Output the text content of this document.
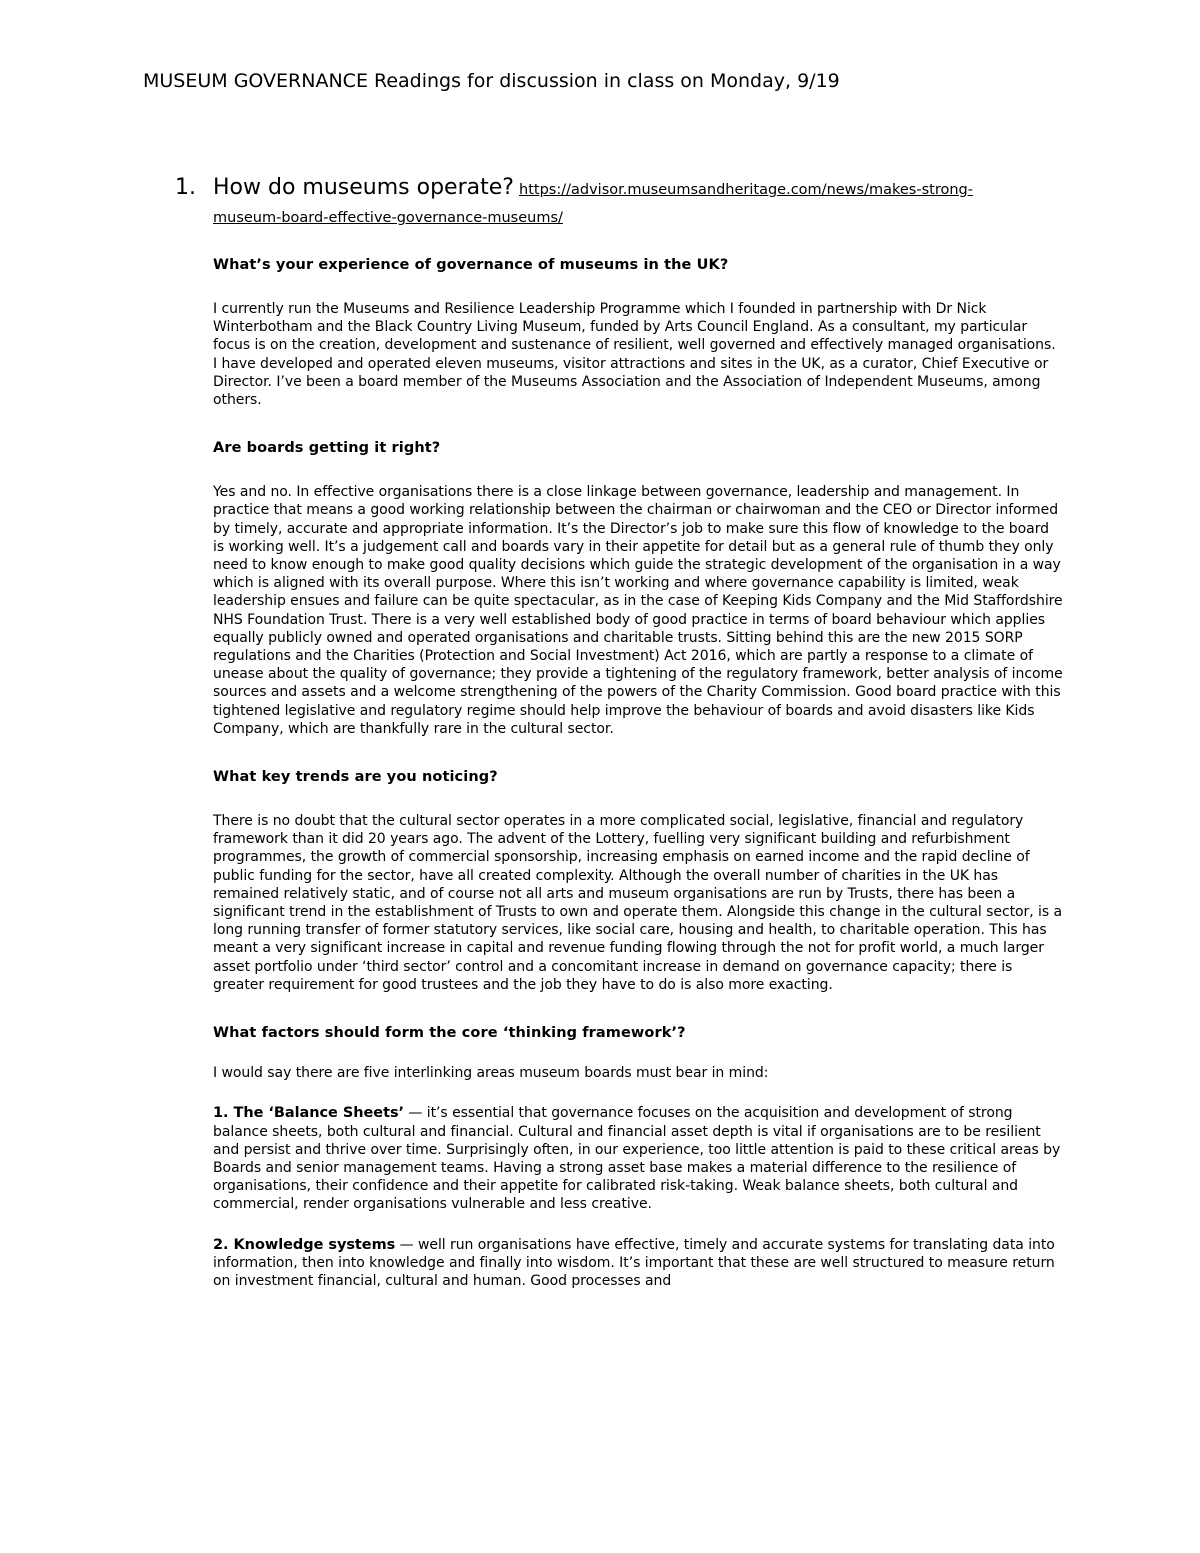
MUSEUM GOVERNANCE Readings for discussion in class on Monday, 9/19
1. How do museums operate? https://advisor.museumsandheritage.com/news/makes-strong-
museum-board-effective-governance-museums/

What’s your experience of governance of museums in the UK?

I currently run the Museums and Resilience Leadership Programme which I founded in partnership with Dr Nick Winterbotham and the Black Country Living Museum, funded by Arts Council England. As a consultant, my particular focus is on the creation, development and sustenance of resilient, well governed and effectively managed organisations. I have developed and operated eleven museums, visitor attractions and sites in the UK, as a curator, Chief Executive or Director. I’ve been a board member of the Museums Association and the Association of Independent Museums, among others.

Are boards getting it right?

Yes and no. In effective organisations there is a close linkage between governance, leadership and management. In practice that means a good working relationship between the chairman or chairwoman and the CEO or Director informed by timely, accurate and appropriate information. It’s the Director’s job to make sure this flow of knowledge to the board is working well. It’s a judgement call and boards vary in their appetite for detail but as a general rule of thumb they only need to know enough to make good quality decisions which guide the strategic development of the organisation in a way which is aligned with its overall purpose. Where this isn’t working and where governance capability is limited, weak leadership ensues and failure can be quite spectacular, as in the case of Keeping Kids Company and the Mid Staffordshire NHS Foundation Trust. There is a very well established body of good practice in terms of board behaviour which applies equally publicly owned and operated organisations and charitable trusts. Sitting behind this are the new 2015 SORP regulations and the Charities (Protection and Social Investment) Act 2016, which are partly a response to a climate of unease about the quality of governance; they provide a tightening of the regulatory framework, better analysis of income sources and assets and a welcome strengthening of the powers of the Charity Commission. Good board practice with this tightened legislative and regulatory regime should help improve the behaviour of boards and avoid disasters like Kids Company, which are thankfully rare in the cultural sector.

What key trends are you noticing?

There is no doubt that the cultural sector operates in a more complicated social, legislative, financial and regulatory framework than it did 20 years ago. The advent of the Lottery, fuelling very significant building and refurbishment programmes, the growth of commercial sponsorship, increasing emphasis on earned income and the rapid decline of public funding for the sector, have all created complexity. Although the overall number of charities in the UK has remained relatively static, and of course not all arts and museum organisations are run by Trusts, there has been a significant trend in the establishment of Trusts to own and operate them. Alongside this change in the cultural sector, is a long running transfer of former statutory services, like social care, housing and health, to charitable operation. This has meant a very significant increase in capital and revenue funding flowing through the not for profit world, a much larger asset portfolio under ‘third sector’ control and a concomitant increase in demand on governance capacity; there is greater requirement for good trustees and the job they have to do is also more exacting.

What factors should form the core ‘thinking framework’?

I would say there are five interlinking areas museum boards must bear in mind:

1. The ‘Balance Sheets’ — it’s essential that governance focuses on the acquisition and development of strong balance sheets, both cultural and financial. Cultural and financial asset depth is vital if organisations are to be resilient and persist and thrive over time. Surprisingly often, in our experience, too little attention is paid to these critical areas by Boards and senior management teams. Having a strong asset base makes a material difference to the resilience of organisations, their confidence and their appetite for calibrated risk-taking. Weak balance sheets, both cultural and commercial, render organisations vulnerable and less creative.

2. Knowledge systems — well run organisations have effective, timely and accurate systems for translating data into information, then into knowledge and finally into wisdom. It’s important that these are well structured to measure return on investment financial, cultural and human. Good processes and
